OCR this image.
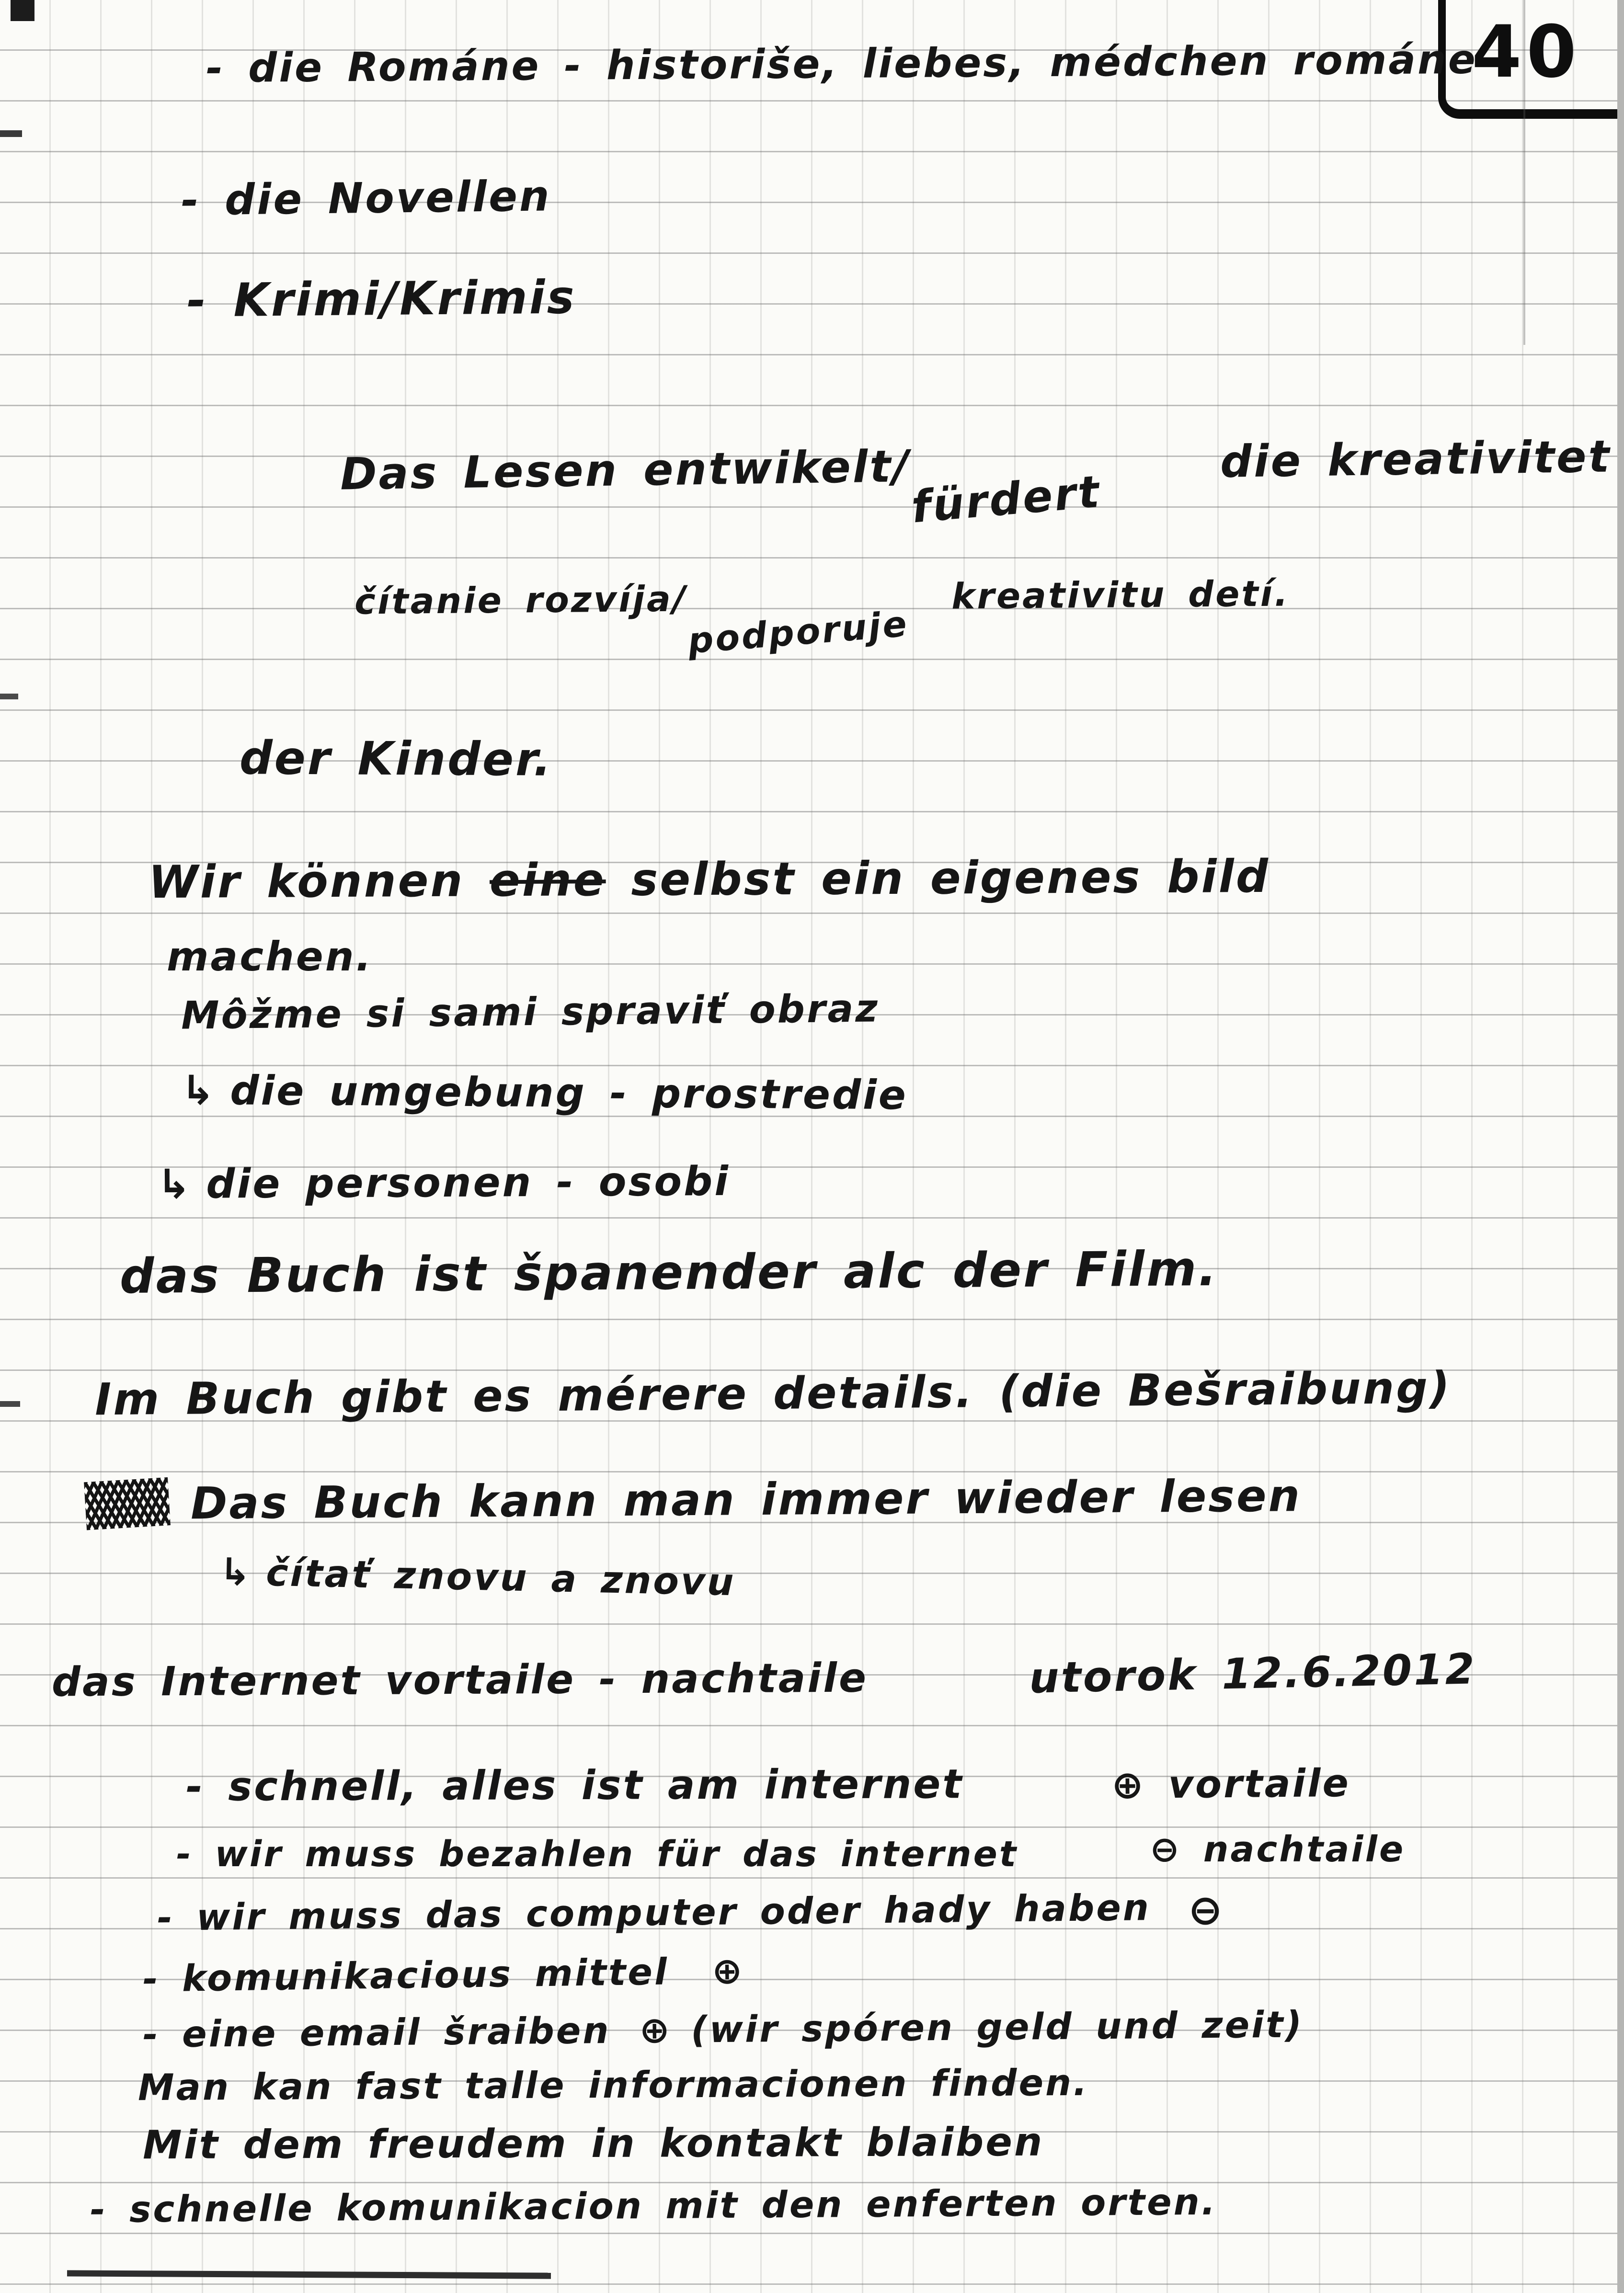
40
- die Románe - historiše, liebes, médchen románe
- die Novellen
- Krimi/Krimis
Das Lesen entwikelt/fürdertdie kreativitet
čítanie rozvíja/podporujekreativitu detí.
der Kinder.
Wir können eine selbst ein eigenes bild
machen.
Môžme si sami spraviť obraz
↳ die umgebung - prostredie
↳ die personen - osobi
das Buch ist španender alc der Film.
Im Buch gibt es mérere details. (die Bešraibung)
Das Buch kann man immer wieder lesen
↳ čítať znovu a znovu
das Internet vortaile - nachtaile	utorok 12.6.2012
- schnell, alles ist am internet	⊕ vortaile
- wir muss bezahlen für das internet	⊖ nachtaile
- wir muss das computer oder hady haben ⊖
- komunikacious mittel ⊕
- eine email šraiben ⊕ (wir spóren geld und zeit)
Man kan fast talle informacionen finden.
Mit dem freudem in kontakt blaiben
- schnelle komunikacion mit den enferten orten.
